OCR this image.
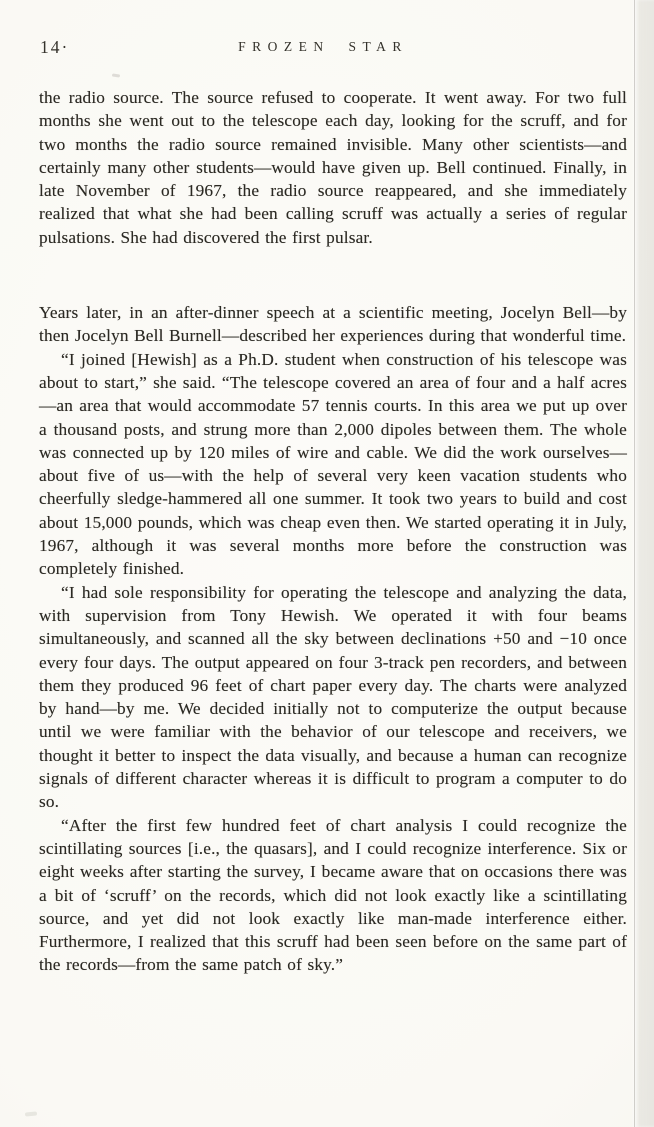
14·	FROZEN STAR

the radio source. The source refused to cooperate. It went away. For two full months she went out to the telescope each day, looking for the scruff, and for two months the radio source remained invisible. Many other scientists—and certainly many other students—would have given up. Bell continued. Finally, in late November of 1967, the radio source reappeared, and she immediately realized that what she had been calling scruff was actually a series of regular pulsations. She had discovered the first pulsar.

Years later, in an after-dinner speech at a scientific meeting, Jocelyn Bell—by then Jocelyn Bell Burnell—described her experiences during that wonderful time.

“I joined [Hewish] as a Ph.D. student when construction of his telescope was about to start,” she said. “The telescope covered an area of four and a half acres—an area that would accommodate 57 tennis courts. In this area we put up over a thousand posts, and strung more than 2,000 dipoles between them. The whole was connected up by 120 miles of wire and cable. We did the work ourselves—about five of us—with the help of several very keen vacation students who cheerfully sledge-hammered all one summer. It took two years to build and cost about 15,000 pounds, which was cheap even then. We started operating it in July, 1967, although it was several months more before the construction was completely finished.

“I had sole responsibility for operating the telescope and analyzing the data, with supervision from Tony Hewish. We operated it with four beams simultaneously, and scanned all the sky between declinations +50 and −10 once every four days. The output appeared on four 3-track pen recorders, and between them they produced 96 feet of chart paper every day. The charts were analyzed by hand—by me. We decided initially not to computerize the output because until we were familiar with the behavior of our telescope and receivers, we thought it better to inspect the data visually, and because a human can recognize signals of different character whereas it is difficult to program a computer to do so.

“After the first few hundred feet of chart analysis I could recognize the scintillating sources [i.e., the quasars], and I could recognize interference. Six or eight weeks after starting the survey, I became aware that on occasions there was a bit of ‘scruff’ on the records, which did not look exactly like a scintillating source, and yet did not look exactly like man-made interference either. Furthermore, I realized that this scruff had been seen before on the same part of the records—from the same patch of sky.”
